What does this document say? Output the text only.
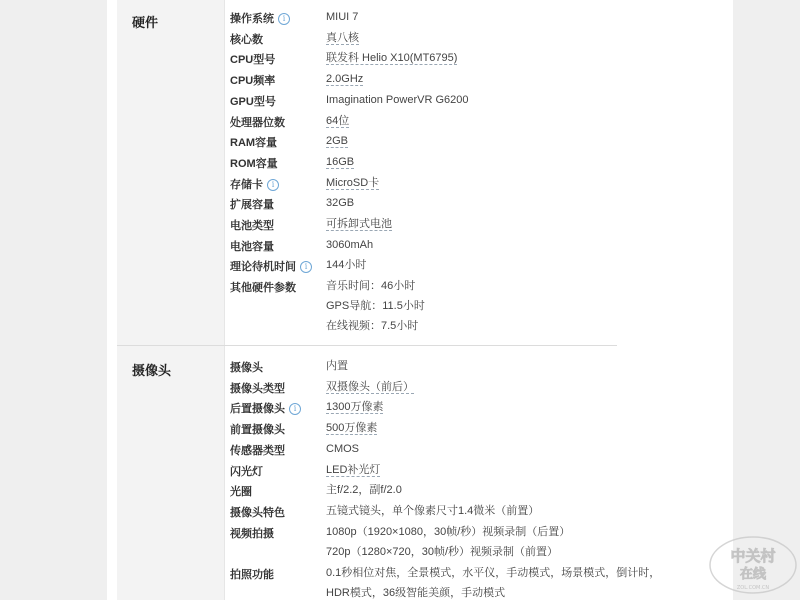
硬件
摄像头
操作系统 i	MIUI 7
核心数	真八核
CPU型号	联发科 Helio X10(MT6795)
CPU频率	2.0GHz
GPU型号	Imagination PowerVR G6200
处理器位数	64位
RAM容量	2GB
ROM容量	16GB
存储卡 i	MicroSD卡
扩展容量	32GB
电池类型	可拆卸式电池
电池容量	3060mAh
理论待机时间 i	144小时
其他硬件参数	音乐时间：46小时
GPS导航：11.5小时
在线视频：7.5小时
摄像头	内置
摄像头类型	双摄像头（前后）
后置摄像头 i	1300万像素
前置摄像头	500万像素
传感器类型	CMOS
闪光灯	LED补光灯
光圈	主f/2.2，副f/2.0
摄像头特色	五镜式镜头，单个像素尺寸1.4微米（前置）
视频拍摄	1080p（1920×1080，30帧/秒）视频录制（后置）
720p（1280×720，30帧/秒）视频录制（前置）
拍照功能	0.1秒相位对焦，全景模式，水平仪，手动模式，场景模式，倒计时，
HDR模式，36级智能美颜，手动模式
中关村
在线
ZOL.COM.CN
